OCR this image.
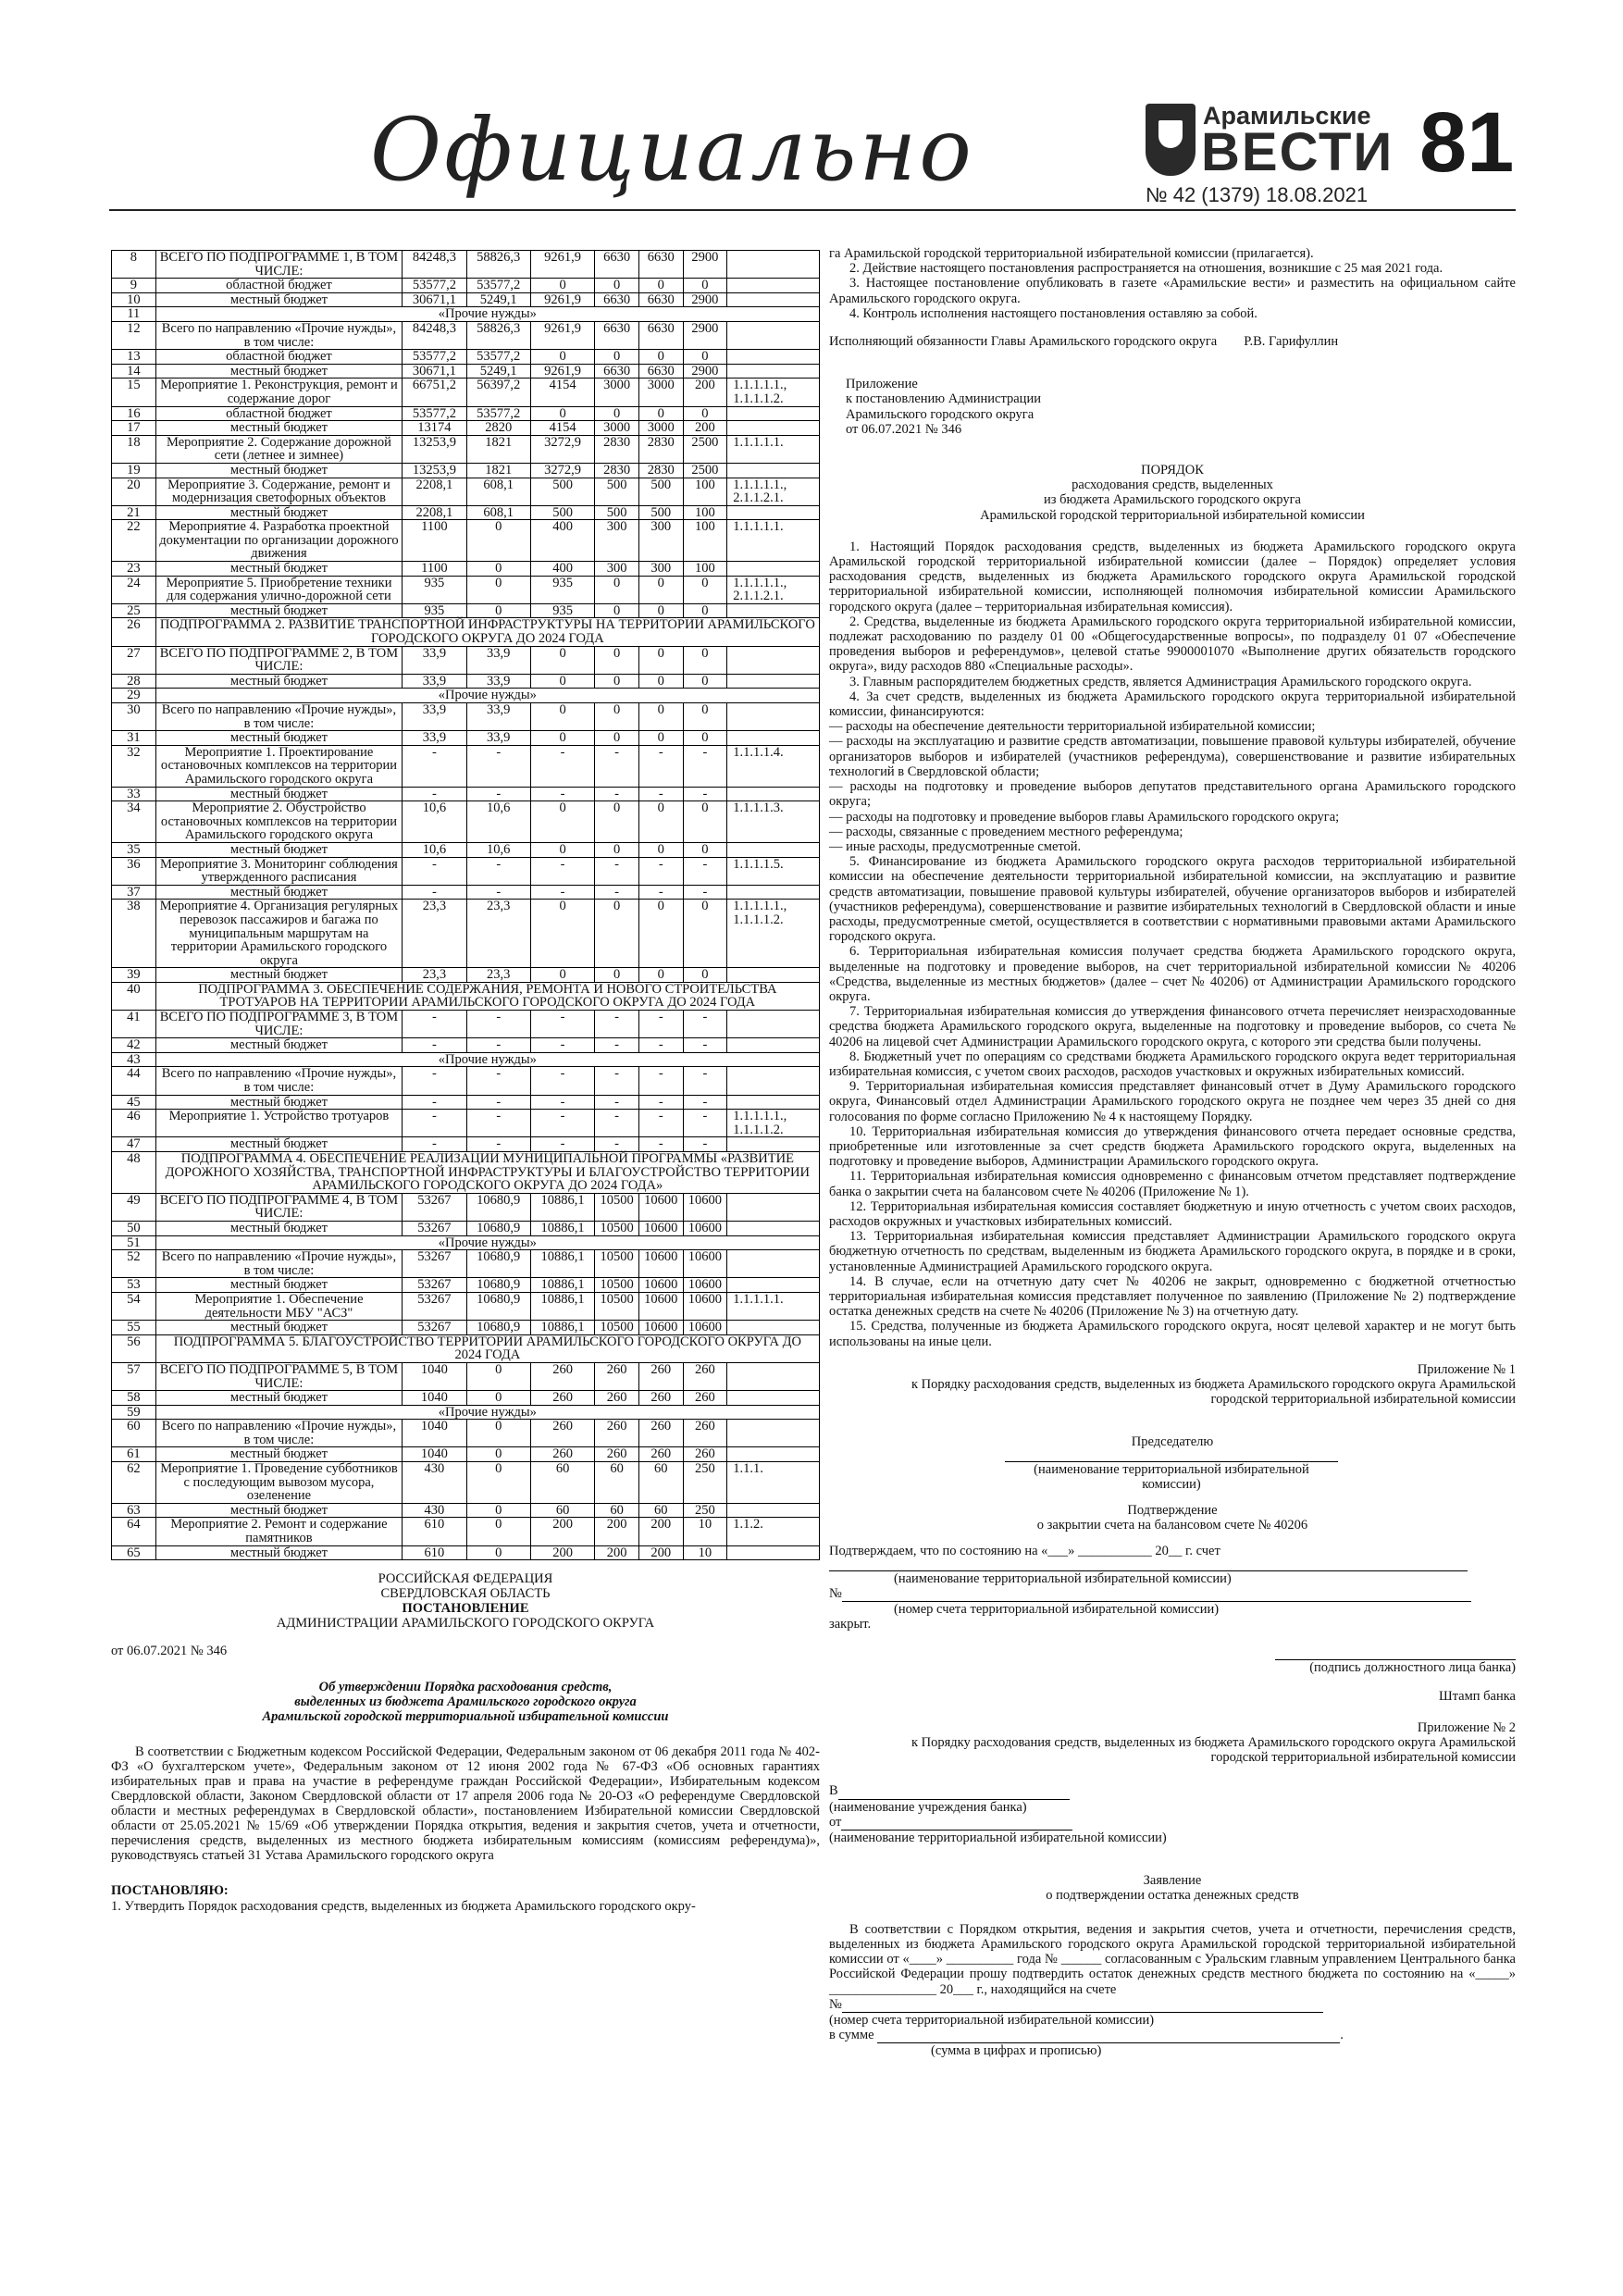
Официально	Арамильские
ВЕСТИ 81
№ 42 (1379) 18.08.2021
8	ВСЕГО ПО ПОДПРОГРАММЕ 1, В ТОМ ЧИСЛЕ:	84248,3	58826,3	9261,9	6630	6630	2900	
9	областной бюджет	53577,2	53577,2	0	0	0	0	
10	местный бюджет	30671,1	5249,1	9261,9	6630	6630	2900	
11	«Прочие нужды»							
12	Всего по направлению «Прочие нужды», в том числе:	84248,3	58826,3	9261,9	6630	6630	2900	
13	областной бюджет	53577,2	53577,2	0	0	0	0	
14	местный бюджет	30671,1	5249,1	9261,9	6630	6630	2900	
15	Мероприятие 1. Реконструкция, ремонт и содержание дорог	66751,2	56397,2	4154	3000	3000	200	1.1.1.1.1., 1.1.1.1.2.
16	областной бюджет	53577,2	53577,2	0	0	0	0	
17	местный бюджет	13174	2820	4154	3000	3000	200	
18	Мероприятие 2. Содержание дорожной сети (летнее и зимнее)	13253,9	1821	3272,9	2830	2830	2500	1.1.1.1.1.
19	местный бюджет	13253,9	1821	3272,9	2830	2830	2500	
20	Мероприятие 3. Содержание, ремонт и модернизация светофорных объектов	2208,1	608,1	500	500	500	100	1.1.1.1.1., 2.1.1.2.1.
21	местный бюджет	2208,1	608,1	500	500	500	100	
22	Мероприятие 4. Разработка проектной документации по организации дорожного движения	1100	0	400	300	300	100	1.1.1.1.1.
23	местный бюджет	1100	0	400	300	300	100	
24	Мероприятие 5. Приобретение техники для содержания улично-дорожной сети	935	0	935	0	0	0	1.1.1.1.1., 2.1.1.2.1.
25	местный бюджет	935	0	935	0	0	0	
26	ПОДПРОГРАММА 2. РАЗВИТИЕ ТРАНСПОРТНОЙ ИНФРАСТРУКТУРЫ НА ТЕРРИТОРИИ АРАМИЛЬСКОГО ГОРОДСКОГО ОКРУГА ДО 2024 ГОДА							
27	ВСЕГО ПО ПОДПРОГРАММЕ 2, В ТОМ ЧИСЛЕ:	33,9	33,9	0	0	0	0	
28	местный бюджет	33,9	33,9	0	0	0	0	
29	«Прочие нужды»							
30	Всего по направлению «Прочие нужды», в том числе:	33,9	33,9	0	0	0	0	
31	местный бюджет	33,9	33,9	0	0	0	0	
32	Мероприятие 1. Проектирование остановочных комплексов на территории Арамильского городского округа	-	-	-	-	-	-	1.1.1.1.4.
33	местный бюджет	-	-	-	-	-	-	
34	Мероприятие 2. Обустройство остановочных комплексов на территории Арамильского городского округа	10,6	10,6	0	0	0	0	1.1.1.1.3.
35	местный бюджет	10,6	10,6	0	0	0	0	
36	Мероприятие 3. Мониторинг соблюдения утвержденного расписания	-	-	-	-	-	-	1.1.1.1.5.
37	местный бюджет	-	-	-	-	-	-	
38	Мероприятие 4. Организация регулярных перевозок пассажиров и багажа по муниципальным маршрутам на территории Арамильского городского округа	23,3	23,3	0	0	0	0	1.1.1.1.1., 1.1.1.1.2.
39	местный бюджет	23,3	23,3	0	0	0	0	
40	ПОДПРОГРАММА 3. ОБЕСПЕЧЕНИЕ СОДЕРЖАНИЯ, РЕМОНТА И НОВОГО СТРОИТЕЛЬСТВА ТРОТУАРОВ НА ТЕРРИТОРИИ АРАМИЛЬСКОГО ГОРОДСКОГО ОКРУГА ДО 2024 ГОДА							
41	ВСЕГО ПО ПОДПРОГРАММЕ 3, В ТОМ ЧИСЛЕ:	-	-	-	-	-	-	
42	местный бюджет	-	-	-	-	-	-	
43	«Прочие нужды»							
44	Всего по направлению «Прочие нужды», в том числе:	-	-	-	-	-	-	
45	местный бюджет	-	-	-	-	-	-	
46	Мероприятие 1. Устройство тротуаров	-	-	-	-	-	-	1.1.1.1.1., 1.1.1.1.2.
47	местный бюджет	-	-	-	-	-	-	
48	ПОДПРОГРАММА 4. ОБЕСПЕЧЕНИЕ РЕАЛИЗАЦИИ МУНИЦИПАЛЬНОЙ ПРОГРАММЫ «РАЗВИТИЕ ДОРОЖНОГО ХОЗЯЙСТВА, ТРАНСПОРТНОЙ ИНФРАСТРУКТУРЫ И БЛАГОУСТРОЙСТВО ТЕРРИТОРИИ АРАМИЛЬСКОГО ГОРОДСКОГО ОКРУГА ДО 2024 ГОДА»							
49	ВСЕГО ПО ПОДПРОГРАММЕ 4, В ТОМ ЧИСЛЕ:	53267	10680,9	10886,1	10500	10600	10600	
50	местный бюджет	53267	10680,9	10886,1	10500	10600	10600	
51	«Прочие нужды»							
52	Всего по направлению «Прочие нужды», в том числе:	53267	10680,9	10886,1	10500	10600	10600	
53	местный бюджет	53267	10680,9	10886,1	10500	10600	10600	
54	Мероприятие 1. Обеспечение деятельности МБУ "АСЗ"	53267	10680,9	10886,1	10500	10600	10600	1.1.1.1.1.
55	местный бюджет	53267	10680,9	10886,1	10500	10600	10600	
56	ПОДПРОГРАММА 5. БЛАГОУСТРОЙСТВО ТЕРРИТОРИИ АРАМИЛЬСКОГО ГОРОДСКОГО ОКРУГА ДО 2024 ГОДА							
57	ВСЕГО ПО ПОДПРОГРАММЕ 5, В ТОМ ЧИСЛЕ:	1040	0	260	260	260	260	
58	местный бюджет	1040	0	260	260	260	260	
59	«Прочие нужды»							
60	Всего по направлению «Прочие нужды», в том числе:	1040	0	260	260	260	260	
61	местный бюджет	1040	0	260	260	260	260	
62	Мероприятие 1. Проведение субботников с последующим вывозом мусора, озеленение	430	0	60	60	60	250	1.1.1.
63	местный бюджет	430	0	60	60	60	250	
64	Мероприятие 2. Ремонт и содержание памятников	610	0	200	200	200	10	1.1.2.
65	местный бюджет	610	0	200	200	200	10	

РОССИЙСКАЯ ФЕДЕРАЦИЯ

СВЕРДЛОВСКАЯ ОБЛАСТЬ

ПОСТАНОВЛЕНИЕ

АДМИНИСТРАЦИИ АРАМИЛЬСКОГО ГОРОДСКОГО ОКРУГА

от 06.07.2021 № 346

Об утверждении Порядка расходования средств,

выделенных из бюджета Арамильского городского округа

Арамильской городской территориальной избирательной комиссии

В соответствии с Бюджетным кодексом Российской Федерации, Федеральным законом от 06 декабря 2011 года № 402-ФЗ «О бухгалтерском учете», Федеральным законом от 12 июня 2002 года № 67-ФЗ «Об основных гарантиях избирательных прав и права на участие в референдуме граждан Российской Федерации», Избирательным кодексом Свердловской области, Законом Свердловской области от 17 апреля 2006 года № 20-ОЗ «О референдуме Свердловской области и местных референдумах в Свердловской области», постановлением Избирательной комиссии Свердловской области от 25.05.2021 № 15/69 «Об утверждении Порядка открытия, ведения и закрытия счетов, учета и отчетности, перечисления средств, выделенных из местного бюджета избирательным комиссиям (комиссиям референдума)», руководствуясь статьей 31 Устава Арамильского городского округа

ПОСТАНОВЛЯЮ:

1. Утвердить Порядок расходования средств, выделенных из бюджета Арамильского городского окру-

га Арамильской городской территориальной избирательной комиссии (прилагается).

2. Действие настоящего постановления распространяется на отношения, возникшие с 25 мая 2021 года.

3. Настоящее постановление опубликовать в газете «Арамильские вести» и разместить на официальном сайте Арамильского городского округа.

4. Контроль исполнения настоящего постановления оставляю за собой.

Исполняющий обязанности Главы Арамильского городского округа        Р.В. Гарифуллин

Приложение

к постановлению Администрации

Арамильского городского округа

от 06.07.2021 № 346

ПОРЯДОК

расходования средств, выделенных

из бюджета Арамильского городского округа

Арамильской городской территориальной избирательной комиссии

1. Настоящий Порядок расходования средств, выделенных из бюджета Арамильского городского округа Арамильской городской территориальной избирательной комиссии (далее – Порядок) определяет условия расходования средств, выделенных из бюджета Арамильского городского округа Арамильской городской территориальной избирательной комиссии, исполняющей полномочия избирательной комиссии Арамильского городского округа (далее – территориальная избирательная комиссия).

2. Средства, выделенные из бюджета Арамильского городского округа территориальной избирательной комиссии, подлежат расходованию по разделу 01 00 «Общегосударственные вопросы», по подразделу 01 07 «Обеспечение проведения выборов и референдумов», целевой статье 9900001070 «Выполнение других обязательств городского округа», виду расходов 880 «Специальные расходы».

3. Главным распорядителем бюджетных средств, является Администрация Арамильского городского округа.

4. За счет средств, выделенных из бюджета Арамильского городского округа территориальной избирательной комиссии, финансируются:

— расходы на обеспечение деятельности территориальной избирательной комиссии;

— расходы на эксплуатацию и развитие средств автоматизации, повышение правовой культуры избирателей, обучение организаторов выборов и избирателей (участников референдума), совершенствование и развитие избирательных технологий в Свердловской области;

— расходы на подготовку и проведение выборов депутатов представительного органа Арамильского городского округа;

— расходы на подготовку и проведение выборов главы Арамильского городского округа;

— расходы, связанные с проведением местного референдума;

— иные расходы, предусмотренные сметой.

5. Финансирование из бюджета Арамильского городского округа расходов территориальной избирательной комиссии на обеспечение деятельности территориальной избирательной комиссии, на эксплуатацию и развитие средств автоматизации, повышение правовой культуры избирателей, обучение организаторов выборов и избирателей (участников референдума), совершенствование и развитие избирательных технологий в Свердловской области и иные расходы, предусмотренные сметой, осуществляется в соответствии с нормативными правовыми актами Арамильского городского округа.

6. Территориальная избирательная комиссия получает средства бюджета Арамильского городского округа, выделенные на подготовку и проведение выборов, на счет территориальной избирательной комиссии № 40206 «Средства, выделенные из местных бюджетов» (далее – счет № 40206) от Администрации Арамильского городского округа.

7. Территориальная избирательная комиссия до утверждения финансового отчета перечисляет неизрасходованные средства бюджета Арамильского городского округа, выделенные на подготовку и проведение выборов, со счета № 40206 на лицевой счет Администрации Арамильского городского округа, с которого эти средства были получены.

8. Бюджетный учет по операциям со средствами бюджета Арамильского городского округа ведет территориальная избирательная комиссия, с учетом своих расходов, расходов участковых и окружных избирательных комиссий.

9. Территориальная избирательная комиссия представляет финансовый отчет в Думу Арамильского городского округа, Финансовый отдел Администрации Арамильского городского округа не позднее чем через 35 дней со дня голосования по форме согласно Приложению № 4 к настоящему Порядку.

10. Территориальная избирательная комиссия до утверждения финансового отчета передает основные средства, приобретенные или изготовленные за счет средств бюджета Арамильского городского округа, выделенных на подготовку и проведение выборов, Администрации Арамильского городского округа.

11. Территориальная избирательная комиссия одновременно с финансовым отчетом представляет подтверждение банка о закрытии счета на балансовом счете № 40206 (Приложение № 1).

12. Территориальная избирательная комиссия составляет бюджетную и иную отчетность с учетом своих расходов, расходов окружных и участковых избирательных комиссий.

13. Территориальная избирательная комиссия представляет Администрации Арамильского городского округа бюджетную отчетность по средствам, выделенным из бюджета Арамильского городского округа, в порядке и в сроки, установленные Администрацией Арамильского городского округа.

14. В случае, если на отчетную дату счет № 40206 не закрыт, одновременно с бюджетной отчетностью территориальная избирательная комиссия представляет полученное по заявлению (Приложение № 2) подтверждение остатка денежных средств на счете № 40206 (Приложение № 3) на отчетную дату.

15. Средства, полученные из бюджета Арамильского городского округа, носят целевой характер и не могут быть использованы на иные цели.

Приложение № 1

к Порядку расходования средств, выделенных из бюджета Арамильского городского округа Арамильской городской территориальной избирательной комиссии

Председателю

(наименование территориальной избирательной комиссии)

Подтверждение

о закрытии счета на балансовом счете № 40206

Подтверждаем, что по состоянию на «___» ___________ 20__ г. счет

(наименование территориальной избирательной комиссии)

№

(номер счета территориальной избирательной комиссии)

закрыт.

(подпись должностного лица банка)

Штамп банка

Приложение № 2

к Порядку расходования средств, выделенных из бюджета Арамильского городского округа Арамильской городской территориальной избирательной комиссии

В

(наименование учреждения банка)

от

(наименование территориальной избирательной комиссии)

Заявление

о подтверждении остатка денежных средств

В соответствии с Порядком открытия, ведения и закрытия счетов, учета и отчетности, перечисления средств, выделенных из бюджета Арамильского городского округа Арамильской городской территориальной избирательной комиссии от «____» __________ года № ______ согласованным с Уральским главным управлением Центрального банка Российской Федерации прошу подтвердить остаток денежных средств местного бюджета по состоянию на «_____» ________________ 20___ г., находящийся на счете

№

(номер счета территориальной избирательной комиссии)

в сумме	.

(сумма в цифрах и прописью)
